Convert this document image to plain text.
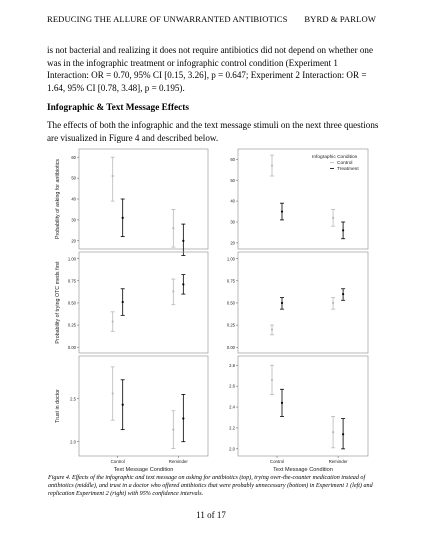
REDUCING THE ALLURE OF UNWARRANTED ANTIBIOTICS BYRD & PARLOW
is not bacterial and realizing it does not require antibiotics did not depend on whether one was in the infographic treatment or infographic control condition (Experiment 1 Interaction: OR = 0.70, 95% CI [0.15, 3.26], p = 0.647; Experiment 2 Interaction: OR = 1.64, 95% CI [0.78, 3.48], p = 0.195).
Infographic & Text Message Effects
The effects of both the infographic and the text message stimuli on the next three questions are visualized in Figure 4 and described below.
20
30
40
50
60
Probability of asking for antibiotics
20
30
40
50
60
0.00
0.25
0.50
0.75
1.00
Probability of trying OTC meds first
0.00
0.25
0.50
0.75
1.00
2.0
2.5
Trust in doctor
Control	Reminder
Text Message Condition
2.0
2.2
2.4
2.6
2.8
Control	Reminder
Text Message Condition
Infographic Condition
Control
Treatment
Figure 4. Effects of the infographic and text message on asking for antibiotics (top), trying over-the-counter medication instead of antibiotics (middle), and trust in a doctor who offered antibiotics that were probably unnecessary (bottom) in Experiment 1 (left) and replication Experiment 2 (right) with 95% confidence intervals.
11 of 17
